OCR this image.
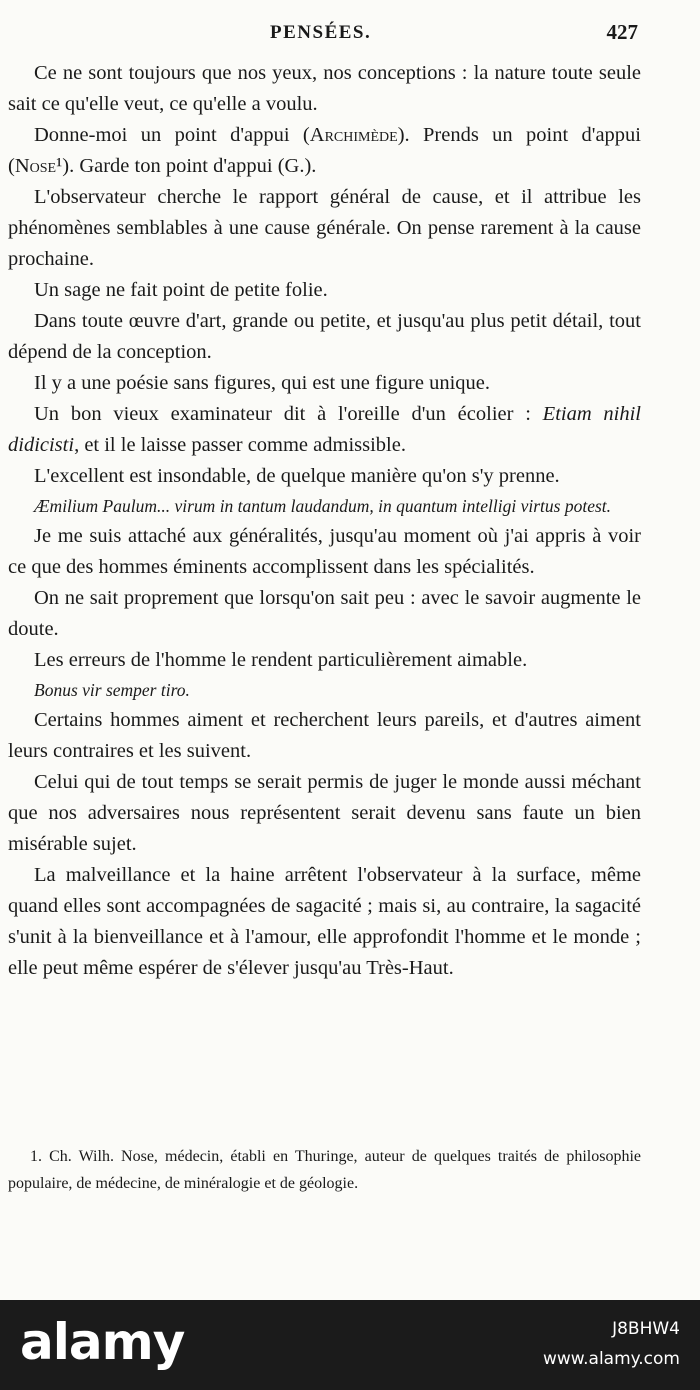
PENSÉES.	427

Ce ne sont toujours que nos yeux, nos conceptions : la nature toute seule sait ce qu'elle veut, ce qu'elle a voulu.

Donne-moi un point d'appui (Archimède). Prends un point d'appui (Nose¹). Garde ton point d'appui (G.).

L'observateur cherche le rapport général de cause, et il attribue les phénomènes semblables à une cause générale. On pense rarement à la cause prochaine.

Un sage ne fait point de petite folie.

Dans toute œuvre d'art, grande ou petite, et jusqu'au plus petit détail, tout dépend de la conception.

Il y a une poésie sans figures, qui est une figure unique.

Un bon vieux examinateur dit à l'oreille d'un écolier : Etiam nihil didicisti, et il le laisse passer comme admissible.

L'excellent est insondable, de quelque manière qu'on s'y prenne.

Æmilium Paulum... virum in tantum laudandum, in quantum intelligi virtus potest.

Je me suis attaché aux généralités, jusqu'au moment où j'ai appris à voir ce que des hommes éminents accomplissent dans les spécialités.

On ne sait proprement que lorsqu'on sait peu : avec le savoir augmente le doute.

Les erreurs de l'homme le rendent particulièrement aimable.

Bonus vir semper tiro.

Certains hommes aiment et recherchent leurs pareils, et d'autres aiment leurs contraires et les suivent.

Celui qui de tout temps se serait permis de juger le monde aussi méchant que nos adversaires nous représentent serait devenu sans faute un bien misérable sujet.

La malveillance et la haine arrêtent l'observateur à la surface, même quand elles sont accompagnées de sagacité ; mais si, au contraire, la sagacité s'unit à la bienveillance et à l'amour, elle approfondit l'homme et le monde ; elle peut même espérer de s'élever jusqu'au Très-Haut.

1. Ch. Wilh. Nose, médecin, établi en Thuringe, auteur de quelques traités de philosophie populaire, de médecine, de minéralogie et de géologie.

alamy	J8BHW4
www.alamy.com
